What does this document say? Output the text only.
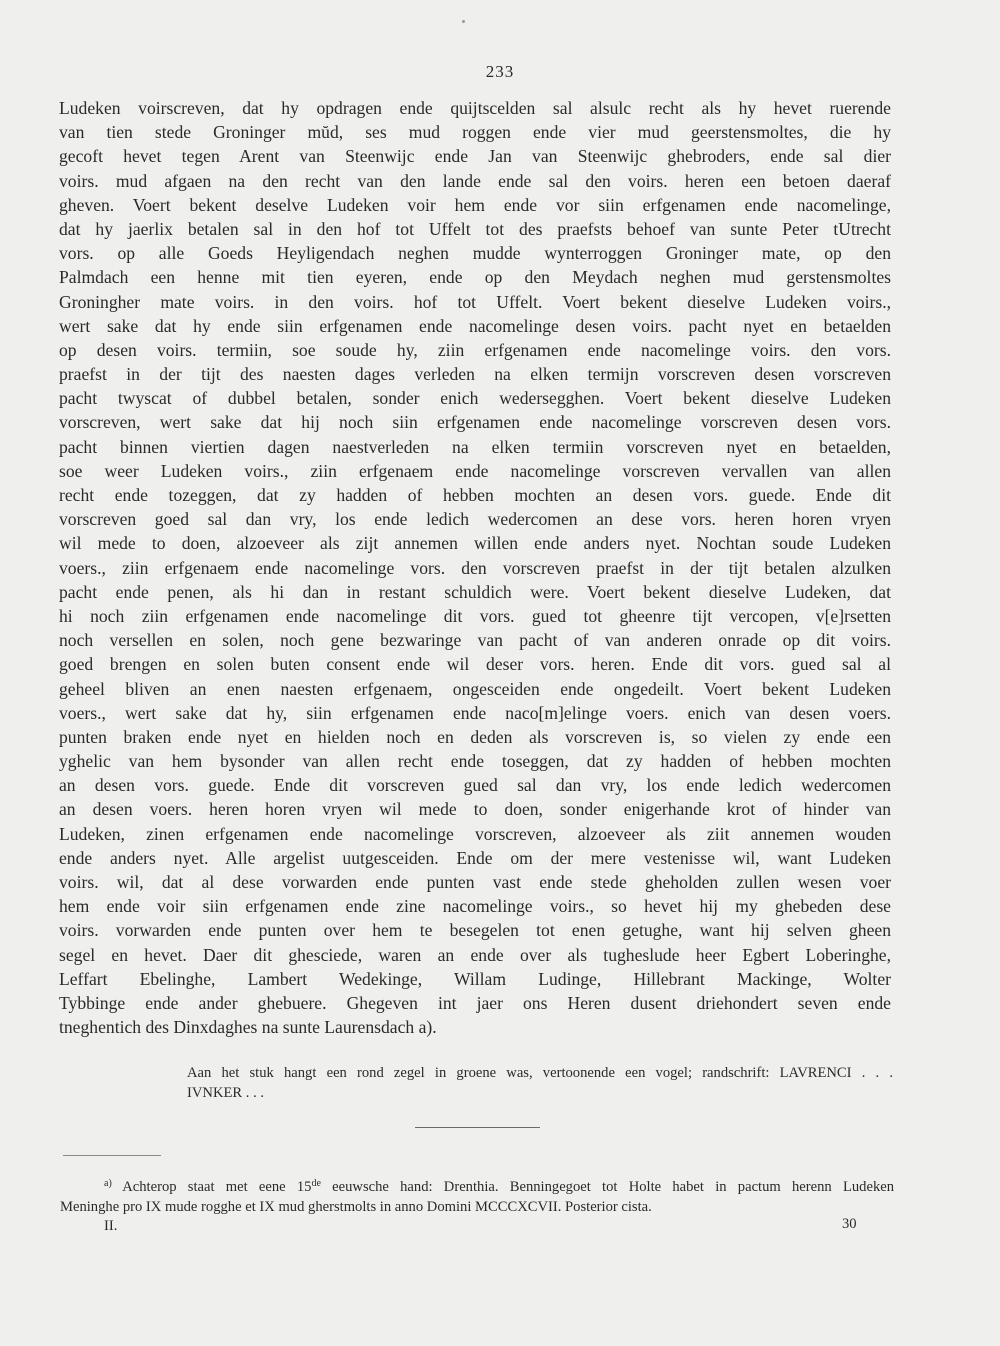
233
Ludeken voirscreven, dat hy opdragen ende quijtscelden sal alsulc recht als hy hevet ruerende
van tien stede Groninger mŭd, ses mud roggen ende vier mud geerstensmoltes, die hy
gecoft hevet tegen Arent van Steenwijc ende Jan van Steenwijc ghebroders, ende sal dier
voirs. mud afgaen na den recht van den lande ende sal den voirs. heren een betoen daeraf
gheven. Voert bekent deselve Ludeken voir hem ende vor siin erfgenamen ende nacomelinge,
dat hy jaerlix betalen sal in den hof tot Uffelt tot des praefsts behoef van sunte Peter tUtrecht
vors. op alle Goeds Heyligendach neghen mudde wynterroggen Groninger mate, op den
Palmdach een henne mit tien eyeren, ende op den Meydach neghen mud gerstensmoltes
Groningher mate voirs. in den voirs. hof tot Uffelt. Voert bekent dieselve Ludeken voirs.,
wert sake dat hy ende siin erfgenamen ende nacomelinge desen voirs. pacht nyet en betaelden
op desen voirs. termiin, soe soude hy, ziin erfgenamen ende nacomelinge voirs. den vors.
praefst in der tijt des naesten dages verleden na elken termijn vorscreven desen vorscreven
pacht twyscat of dubbel betalen, sonder enich wedersegghen. Voert bekent dieselve Ludeken
vorscreven, wert sake dat hij noch siin erfgenamen ende nacomelinge vorscreven desen vors.
pacht binnen viertien dagen naestverleden na elken termiin vorscreven nyet en betaelden,
soe weer Ludeken voirs., ziin erfgenaem ende nacomelinge vorscreven vervallen van allen
recht ende tozeggen, dat zy hadden of hebben mochten an desen vors. guede. Ende dit
vorscreven goed sal dan vry, los ende ledich wedercomen an dese vors. heren horen vryen
wil mede to doen, alzoeveer als zijt annemen willen ende anders nyet. Nochtan soude Ludeken
voers., ziin erfgenaem ende nacomelinge vors. den vorscreven praefst in der tijt betalen alzulken
pacht ende penen, als hi dan in restant schuldich were. Voert bekent dieselve Ludeken, dat
hi noch ziin erfgenamen ende nacomelinge dit vors. gued tot gheenre tijt vercopen, v[e]rsetten
noch versellen en solen, noch gene bezwaringe van pacht of van anderen onrade op dit voirs.
goed brengen en solen buten consent ende wil deser vors. heren. Ende dit vors. gued sal al
geheel bliven an enen naesten erfgenaem, ongesceiden ende ongedeilt. Voert bekent Ludeken
voers., wert sake dat hy, siin erfgenamen ende naco[m]elinge voers. enich van desen voers.
punten braken ende nyet en hielden noch en deden als vorscreven is, so vielen zy ende een
yghelic van hem bysonder van allen recht ende toseggen, dat zy hadden of hebben mochten
an desen vors. guede. Ende dit vorscreven gued sal dan vry, los ende ledich wedercomen
an desen voers. heren horen vryen wil mede to doen, sonder enigerhande krot of hinder van
Ludeken, zinen erfgenamen ende nacomelinge vorscreven, alzoeveer als ziit annemen wouden
ende anders nyet. Alle argelist uutgesceiden. Ende om der mere vestenisse wil, want Ludeken
voirs. wil, dat al dese vorwarden ende punten vast ende stede gheholden zullen wesen voer
hem ende voir siin erfgenamen ende zine nacomelinge voirs., so hevet hij my ghebeden dese
voirs. vorwarden ende punten over hem te besegelen tot enen getughe, want hij selven gheen
segel en hevet. Daer dit ghesciede, waren an ende over als tugheslude heer Egbert Loberinghe,
Leffart Ebelinghe, Lambert Wedekinge, Willam Ludinge, Hillebrant Mackinge, Wolter
Tybbinge ende ander ghebuere. Ghegeven int jaer ons Heren dusent driehondert seven ende
tneghentich des Dinxdaghes na sunte Laurensdach a).
Aan het stuk hangt een rond zegel in groene was, vertoonende een vogel; randschrift: LAVRENCI . . .
IVNKER . . .
$^{a)}$ Achterop staat met eene 15de eeuwsche hand: Drenthia. Benningegoet tot Holte habet in pactum herenn Ludeken
Meninghe pro IX mude rogghe et IX mud gherstmolts in anno Domini MCCCXCVII. Posterior cista.
II.	30
